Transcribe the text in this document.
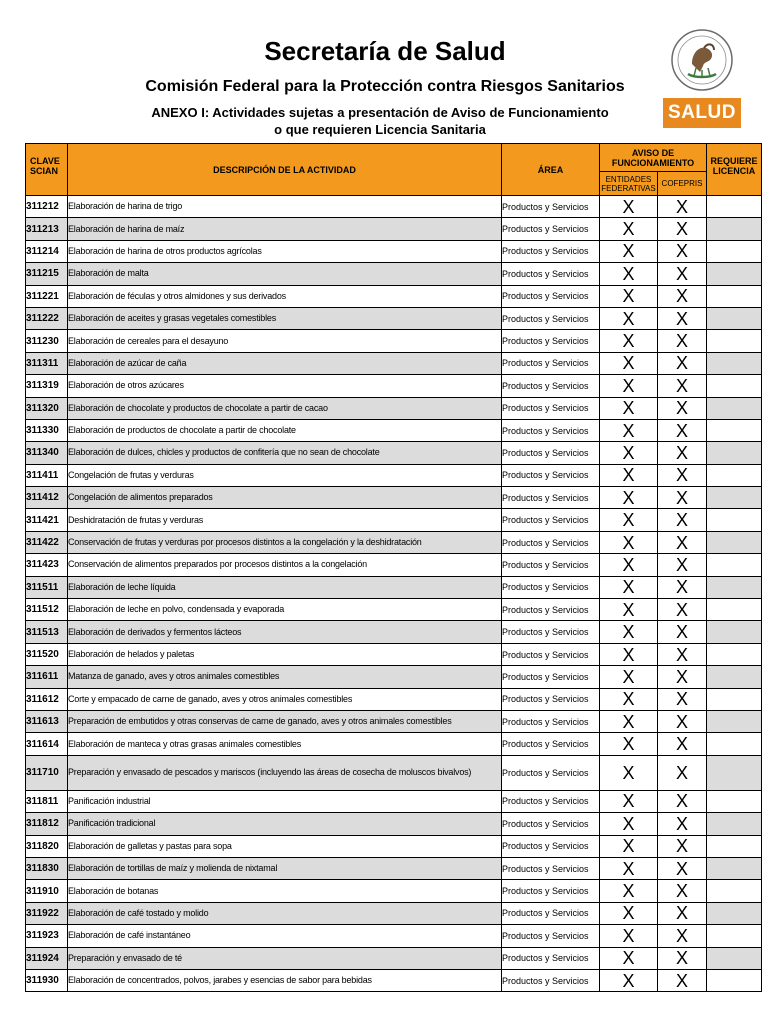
Secretaría de Salud
Comisión Federal para la Protección contra Riesgos Sanitarios
ANEXO I: Actividades sujetas a presentación de Aviso de Funcionamiento
o que requieren Licencia Sanitaria
SALUD
CLAVE SCIAN	DESCRIPCIÓN DE LA ACTIVIDAD	ÁREA	AVISO DE FUNCIONAMIENTO		REQUIERE LICENCIA
			ENTIDADES FEDERATIVAS	COFEPRIS	
311212	Elaboración de harina de trigo	Productos y Servicios	X	X	
311213	Elaboración de harina de maíz	Productos y Servicios	X	X	
311214	Elaboración de harina de otros productos agrícolas	Productos y Servicios	X	X	
311215	Elaboración de malta	Productos y Servicios	X	X	
311221	Elaboración de féculas y otros almidones y sus derivados	Productos y Servicios	X	X	
311222	Elaboración de aceites y grasas vegetales comestibles	Productos y Servicios	X	X	
311230	Elaboración de cereales para el desayuno	Productos y Servicios	X	X	
311311	Elaboración de azúcar de caña	Productos y Servicios	X	X	
311319	Elaboración de otros azúcares	Productos y Servicios	X	X	
311320	Elaboración de chocolate y productos de chocolate a partir de cacao	Productos y Servicios	X	X	
311330	Elaboración de productos de chocolate a partir de chocolate	Productos y Servicios	X	X	
311340	Elaboración de dulces, chicles y productos de confitería que no sean de chocolate	Productos y Servicios	X	X	
311411	Congelación de frutas y verduras	Productos y Servicios	X	X	
311412	Congelación de alimentos preparados	Productos y Servicios	X	X	
311421	Deshidratación de frutas y verduras	Productos y Servicios	X	X	
311422	Conservación de frutas y verduras por procesos distintos a la congelación y la deshidratación	Productos y Servicios	X	X	
311423	Conservación de alimentos preparados por procesos distintos a la congelación	Productos y Servicios	X	X	
311511	Elaboración de leche líquida	Productos y Servicios	X	X	
311512	Elaboración de leche en polvo, condensada y evaporada	Productos y Servicios	X	X	
311513	Elaboración de derivados y fermentos lácteos	Productos y Servicios	X	X	
311520	Elaboración de helados y paletas	Productos y Servicios	X	X	
311611	Matanza de ganado, aves y otros animales comestibles	Productos y Servicios	X	X	
311612	Corte y empacado de carne de ganado, aves y otros animales comestibles	Productos y Servicios	X	X	
311613	Preparación de embutidos y otras conservas de carne de ganado, aves y otros animales comestibles	Productos y Servicios	X	X	
311614	Elaboración de manteca y otras grasas animales comestibles	Productos y Servicios	X	X	
311710	Preparación y envasado de pescados y mariscos (incluyendo las áreas de cosecha de moluscos bivalvos)	Productos y Servicios	X	X	
311811	Panificación industrial	Productos y Servicios	X	X	
311812	Panificación tradicional	Productos y Servicios	X	X	
311820	Elaboración de galletas y pastas para sopa	Productos y Servicios	X	X	
311830	Elaboración de tortillas de maíz y molienda de nixtamal	Productos y Servicios	X	X	
311910	Elaboración de botanas	Productos y Servicios	X	X	
311922	Elaboración de café tostado y molido	Productos y Servicios	X	X	
311923	Elaboración de café instantáneo	Productos y Servicios	X	X	
311924	Preparación y envasado de té	Productos y Servicios	X	X	
311930	Elaboración de concentrados, polvos, jarabes y esencias de sabor para bebidas	Productos y Servicios	X	X	
